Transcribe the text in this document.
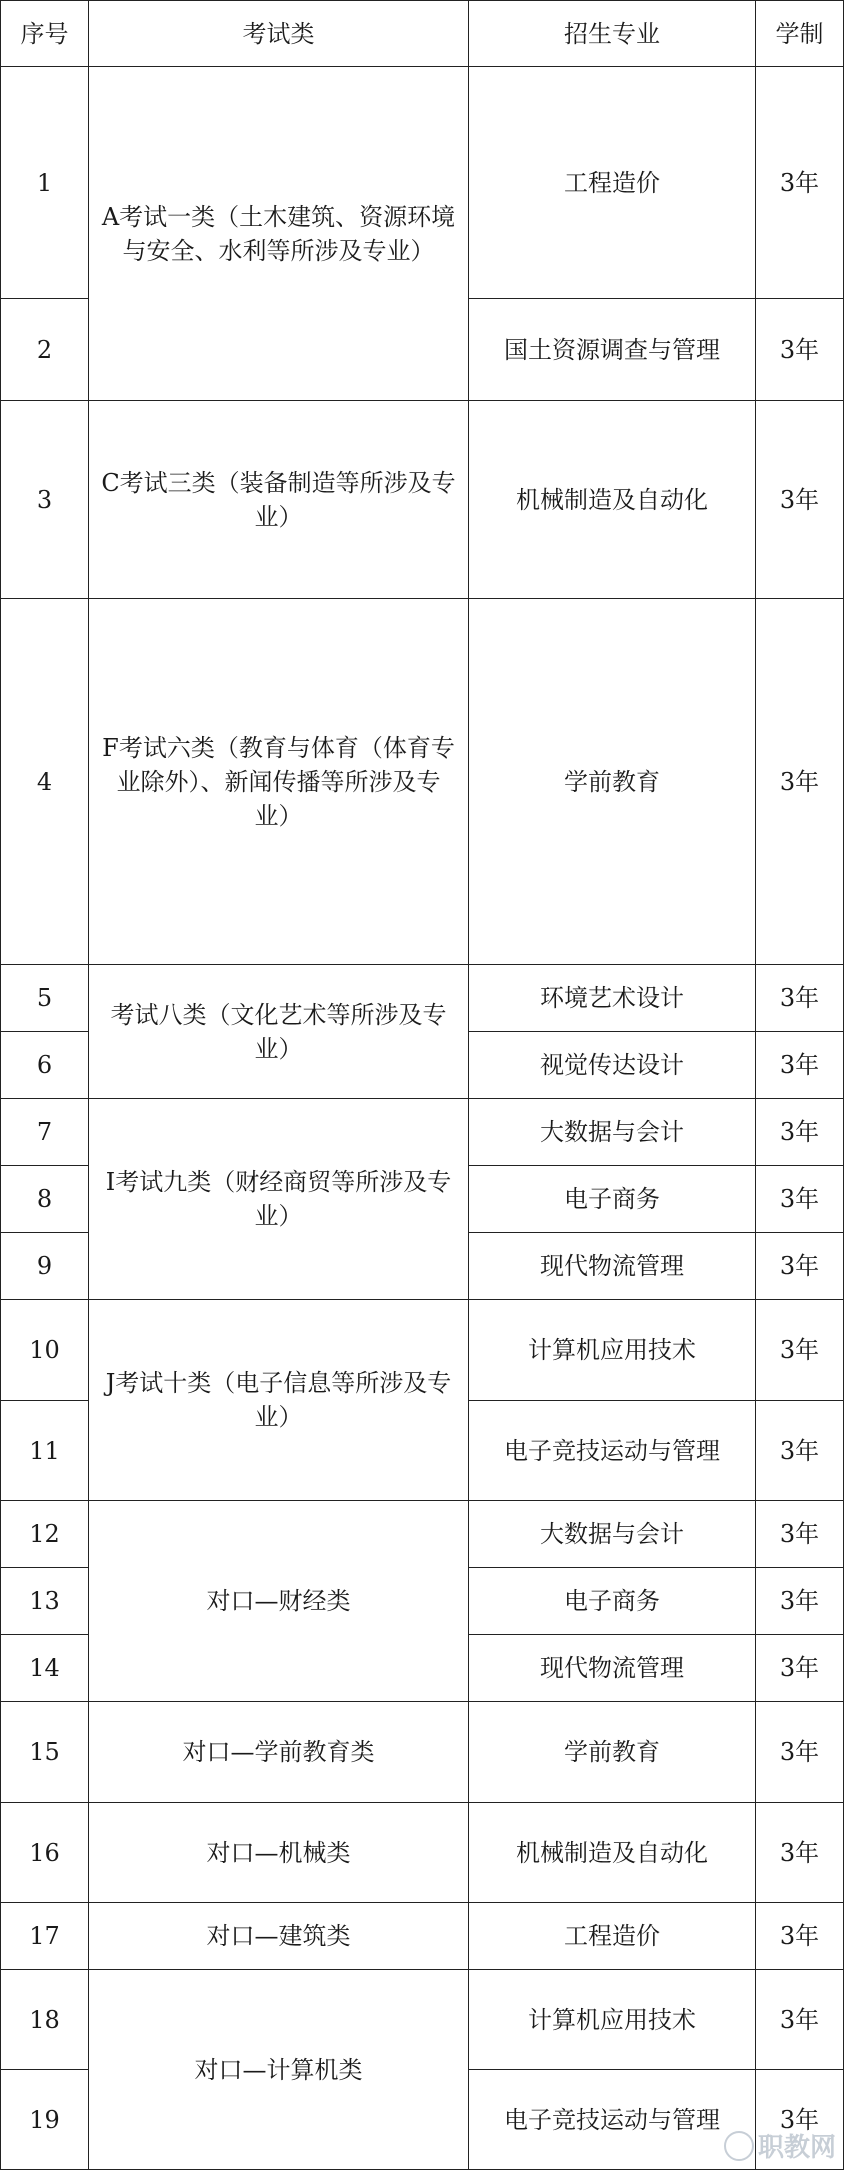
序号	考试类	招生专业	学制
1	A考试一类（土木建筑、资源环境与安全、水利等所涉及专业）	工程造价	3年
2		国土资源调查与管理	3年
3	C考试三类（装备制造等所涉及专业）	机械制造及自动化	3年
4	F考试六类（教育与体育（体育专业除外）、新闻传播等所涉及专业）	学前教育	3年
5	考试八类（文化艺术等所涉及专业）	环境艺术设计	3年
6		视觉传达设计	3年
7	I考试九类（财经商贸等所涉及专业）	大数据与会计	3年
8		电子商务	3年
9		现代物流管理	3年
10	J考试十类（电子信息等所涉及专业）	计算机应用技术	3年
11		电子竞技运动与管理	3年
12	对口—财经类	大数据与会计	3年
13		电子商务	3年
14		现代物流管理	3年
15	对口—学前教育类	学前教育	3年
16	对口—机械类	机械制造及自动化	3年
17	对口—建筑类	工程造价	3年
18	对口—计算机类	计算机应用技术	3年
19		电子竞技运动与管理	3年
职教网
